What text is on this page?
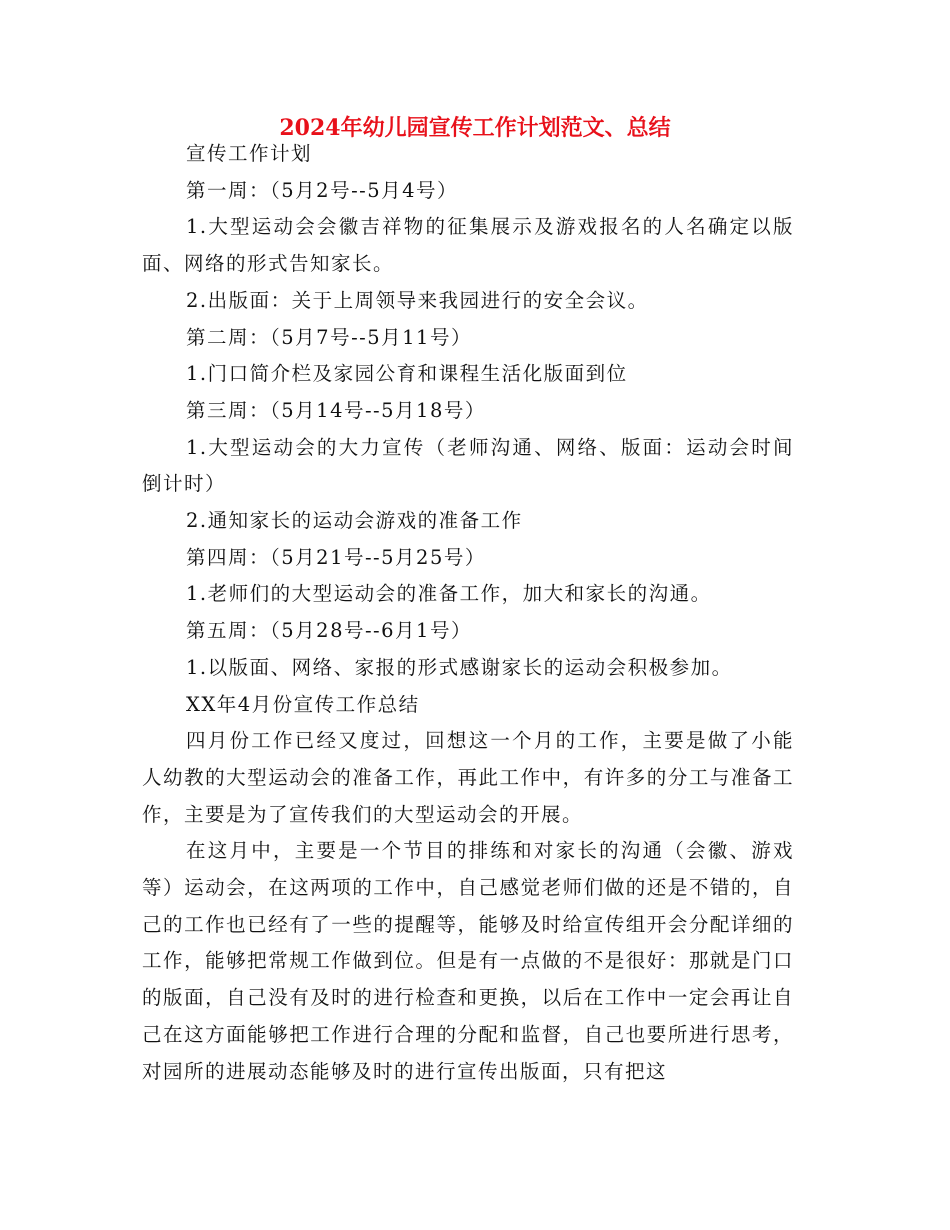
2024年幼儿园宣传工作计划范文、总结

宣传工作计划

第一周：（5月2号--5月4号）

1.大型运动会会徽吉祥物的征集展示及游戏报名的人名确定以版面、网络的形式告知家长。

2.出版面：关于上周领导来我园进行的安全会议。

第二周：（5月7号--5月11号）

1.门口简介栏及家园公育和课程生活化版面到位

第三周：（5月14号--5月18号）

1.大型运动会的大力宣传（老师沟通、网络、版面：运动会时间倒计时）

2.通知家长的运动会游戏的准备工作

第四周：（5月21号--5月25号）

1.老师们的大型运动会的准备工作，加大和家长的沟通。

第五周：（5月28号--6月1号）

1.以版面、网络、家报的形式感谢家长的运动会积极参加。

XX年4月份宣传工作总结

四月份工作已经又度过，回想这一个月的工作，主要是做了小能人幼教的大型运动会的准备工作，再此工作中，有许多的分工与准备工作，主要是为了宣传我们的大型运动会的开展。

在这月中，主要是一个节目的排练和对家长的沟通（会徽、游戏等）运动会，在这两项的工作中，自己感觉老师们做的还是不错的，自己的工作也已经有了一些的提醒等，能够及时给宣传组开会分配详细的工作，能够把常规工作做到位。但是有一点做的不是很好：那就是门口的版面，自己没有及时的进行检查和更换，以后在工作中一定会再让自己在这方面能够把工作进行合理的分配和监督，自己也要所进行思考，对园所的进展动态能够及时的进行宣传出版面，只有把这
